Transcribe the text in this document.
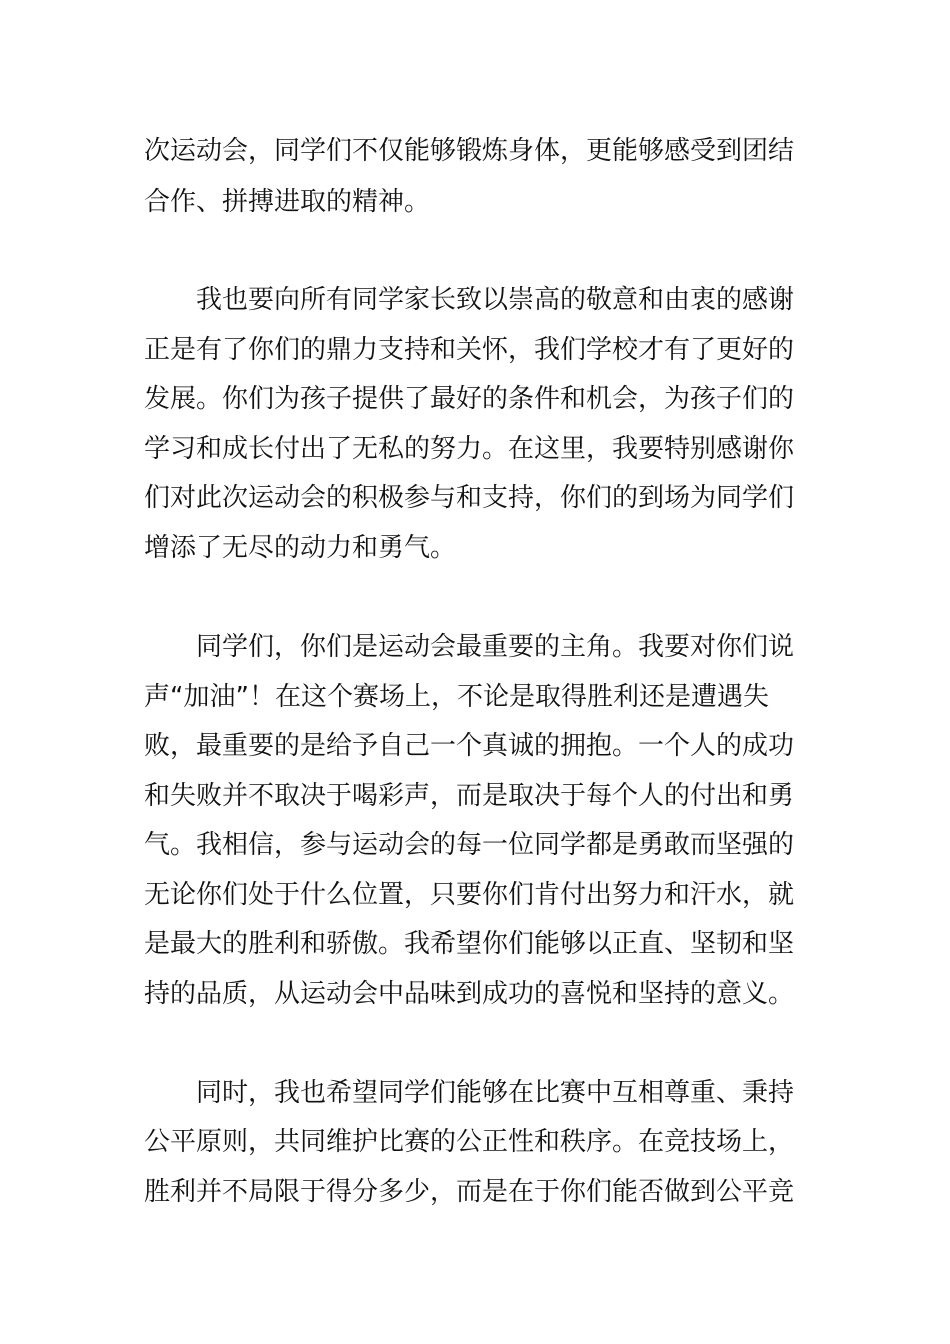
次运动会，同学们不仅能够锻炼身体，更能够感受到团结
合作、拼搏进取的精神。
我也要向所有同学家长致以崇高的敬意和由衷的感谢
正是有了你们的鼎力支持和关怀，我们学校才有了更好的
发展。你们为孩子提供了最好的条件和机会，为孩子们的
学习和成长付出了无私的努力。在这里，我要特别感谢你
们对此次运动会的积极参与和支持，你们的到场为同学们
增添了无尽的动力和勇气。
同学们，你们是运动会最重要的主角。我要对你们说
声“加油”！在这个赛场上，不论是取得胜利还是遭遇失
败，最重要的是给予自己一个真诚的拥抱。一个人的成功
和失败并不取决于喝彩声，而是取决于每个人的付出和勇
气。我相信，参与运动会的每一位同学都是勇敢而坚强的
无论你们处于什么位置，只要你们肯付出努力和汗水，就
是最大的胜利和骄傲。我希望你们能够以正直、坚韧和坚
持的品质，从运动会中品味到成功的喜悦和坚持的意义。
同时，我也希望同学们能够在比赛中互相尊重、秉持
公平原则，共同维护比赛的公正性和秩序。在竞技场上，
胜利并不局限于得分多少，而是在于你们能否做到公平竞
